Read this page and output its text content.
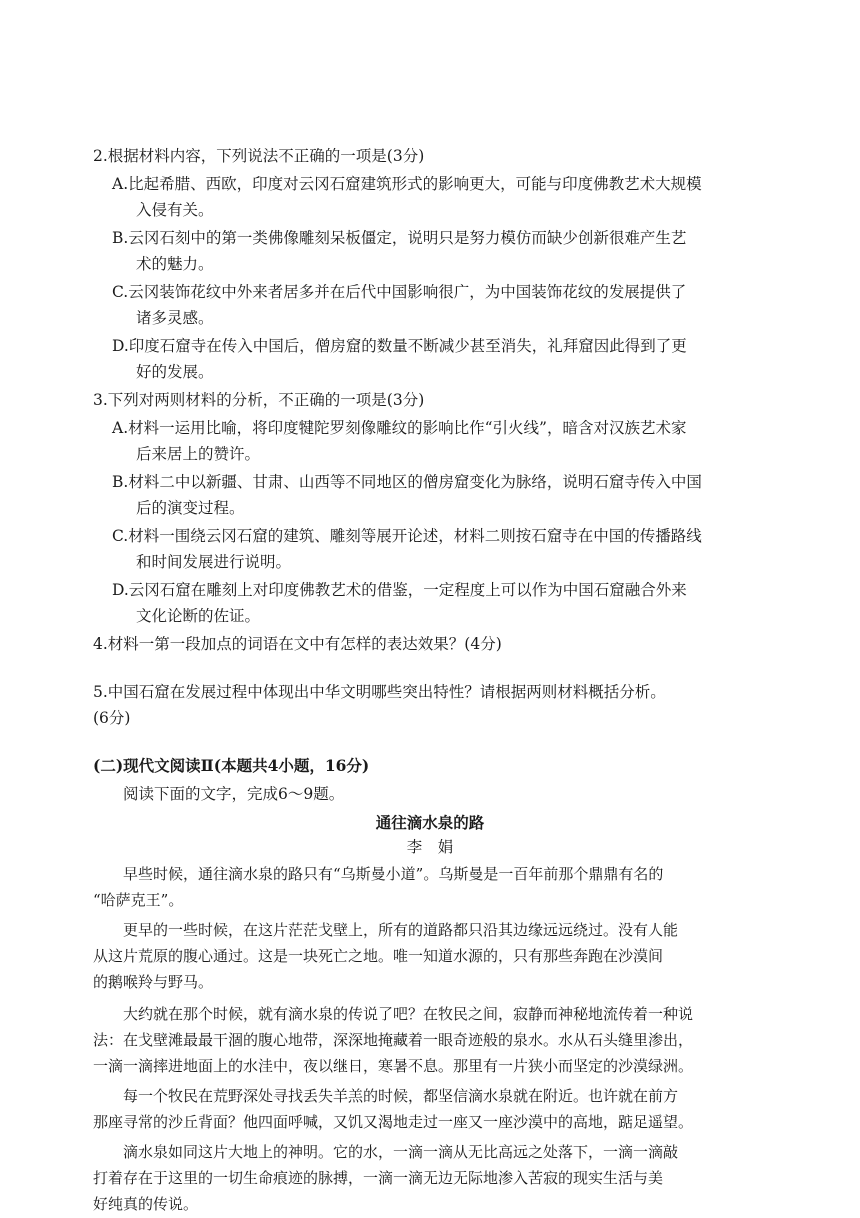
2.根据材料内容，下列说法不正确的一项是(3分)
A.比起希腊、西欧，印度对云冈石窟建筑形式的影响更大，可能与印度佛教艺术大规模
入侵有关。
B.云冈石刻中的第一类佛像雕刻呆板僵定，说明只是努力模仿而缺少创新很难产生艺
术的魅力。
C.云冈装饰花纹中外来者居多并在后代中国影响很广，为中国装饰花纹的发展提供了
诸多灵感。
D.印度石窟寺在传入中国后，僧房窟的数量不断减少甚至消失，礼拜窟因此得到了更
好的发展。
3.下列对两则材料的分析，不正确的一项是(3分)
A.材料一运用比喻，将印度犍陀罗刻像雕纹的影响比作“引火线”，暗含对汉族艺术家
后来居上的赞许。
B.材料二中以新疆、甘肃、山西等不同地区的僧房窟变化为脉络，说明石窟寺传入中国
后的演变过程。
C.材料一围绕云冈石窟的建筑、雕刻等展开论述，材料二则按石窟寺在中国的传播路线
和时间发展进行说明。
D.云冈石窟在雕刻上对印度佛教艺术的借鉴，一定程度上可以作为中国石窟融合外来
文化论断的佐证。
4.材料一第一段加点的词语在文中有怎样的表达效果？(4分)
5.中国石窟在发展过程中体现出中华文明哪些突出特性？请根据两则材料概括分析。
(6分)
(二)现代文阅读Ⅱ(本题共4小题，16分)
阅读下面的文字，完成6～9题。
通往滴水泉的路
李　娟
早些时候，通往滴水泉的路只有“乌斯曼小道”。乌斯曼是一百年前那个鼎鼎有名的
“哈萨克王”。
更早的一些时候，在这片茫茫戈壁上，所有的道路都只沿其边缘远远绕过。没有人能
从这片荒原的腹心通过。这是一块死亡之地。唯一知道水源的，只有那些奔跑在沙漠间
的鹅喉羚与野马。
大约就在那个时候，就有滴水泉的传说了吧？在牧民之间，寂静而神秘地流传着一种说
法：在戈壁滩最最干涸的腹心地带，深深地掩藏着一眼奇迹般的泉水。水从石头缝里渗出，
一滴一滴摔进地面上的水洼中，夜以继日，寒暑不息。那里有一片狭小而坚定的沙漠绿洲。
每一个牧民在荒野深处寻找丢失羊羔的时候，都坚信滴水泉就在附近。也许就在前方
那座寻常的沙丘背面？他四面呼喊，又饥又渴地走过一座又一座沙漠中的高地，踮足遥望。
滴水泉如同这片大地上的神明。它的水，一滴一滴从无比高远之处落下，一滴一滴敲
打着存在于这里的一切生命痕迹的脉搏，一滴一滴无边无际地渗入苦寂的现实生活与美
好纯真的传说。
